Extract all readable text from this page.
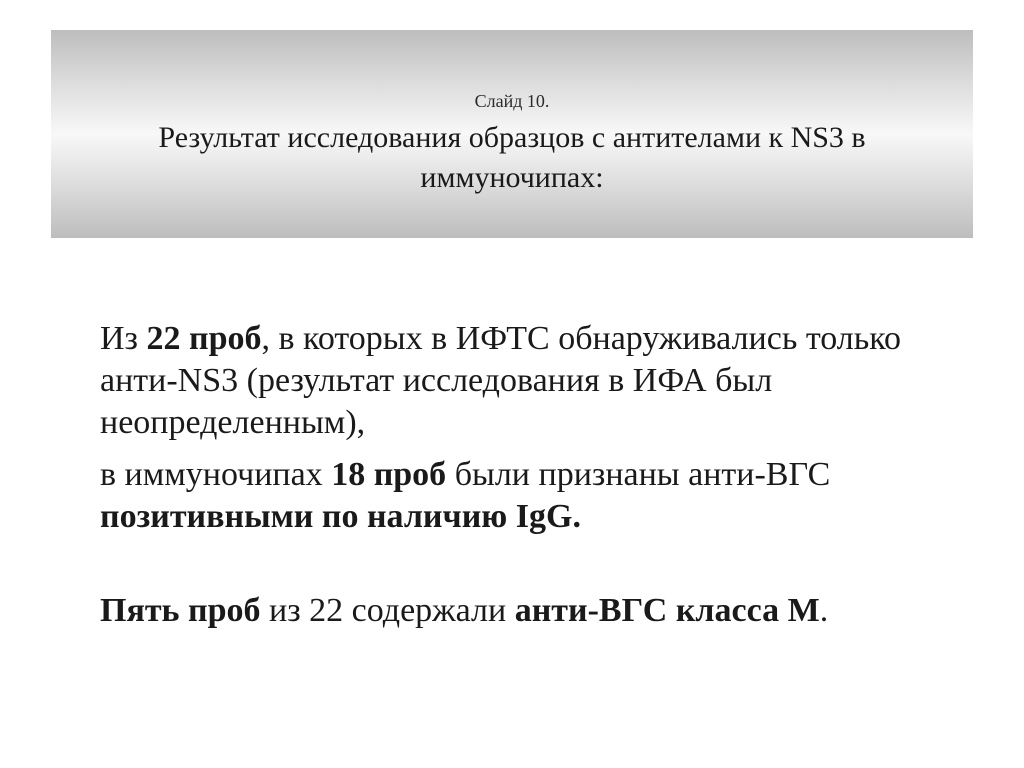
Слайд 10.
Результат исследования образцов с антителами к NS3 в иммуночипах:

Из 22 проб, в которых в ИФТС обнаруживались только анти-NS3 (результат исследования в ИФА был неопределенным),

в иммуночипах 18 проб были признаны анти-ВГС позитивными по наличию IgG.

Пять проб из 22 содержали анти-ВГС класса М.
